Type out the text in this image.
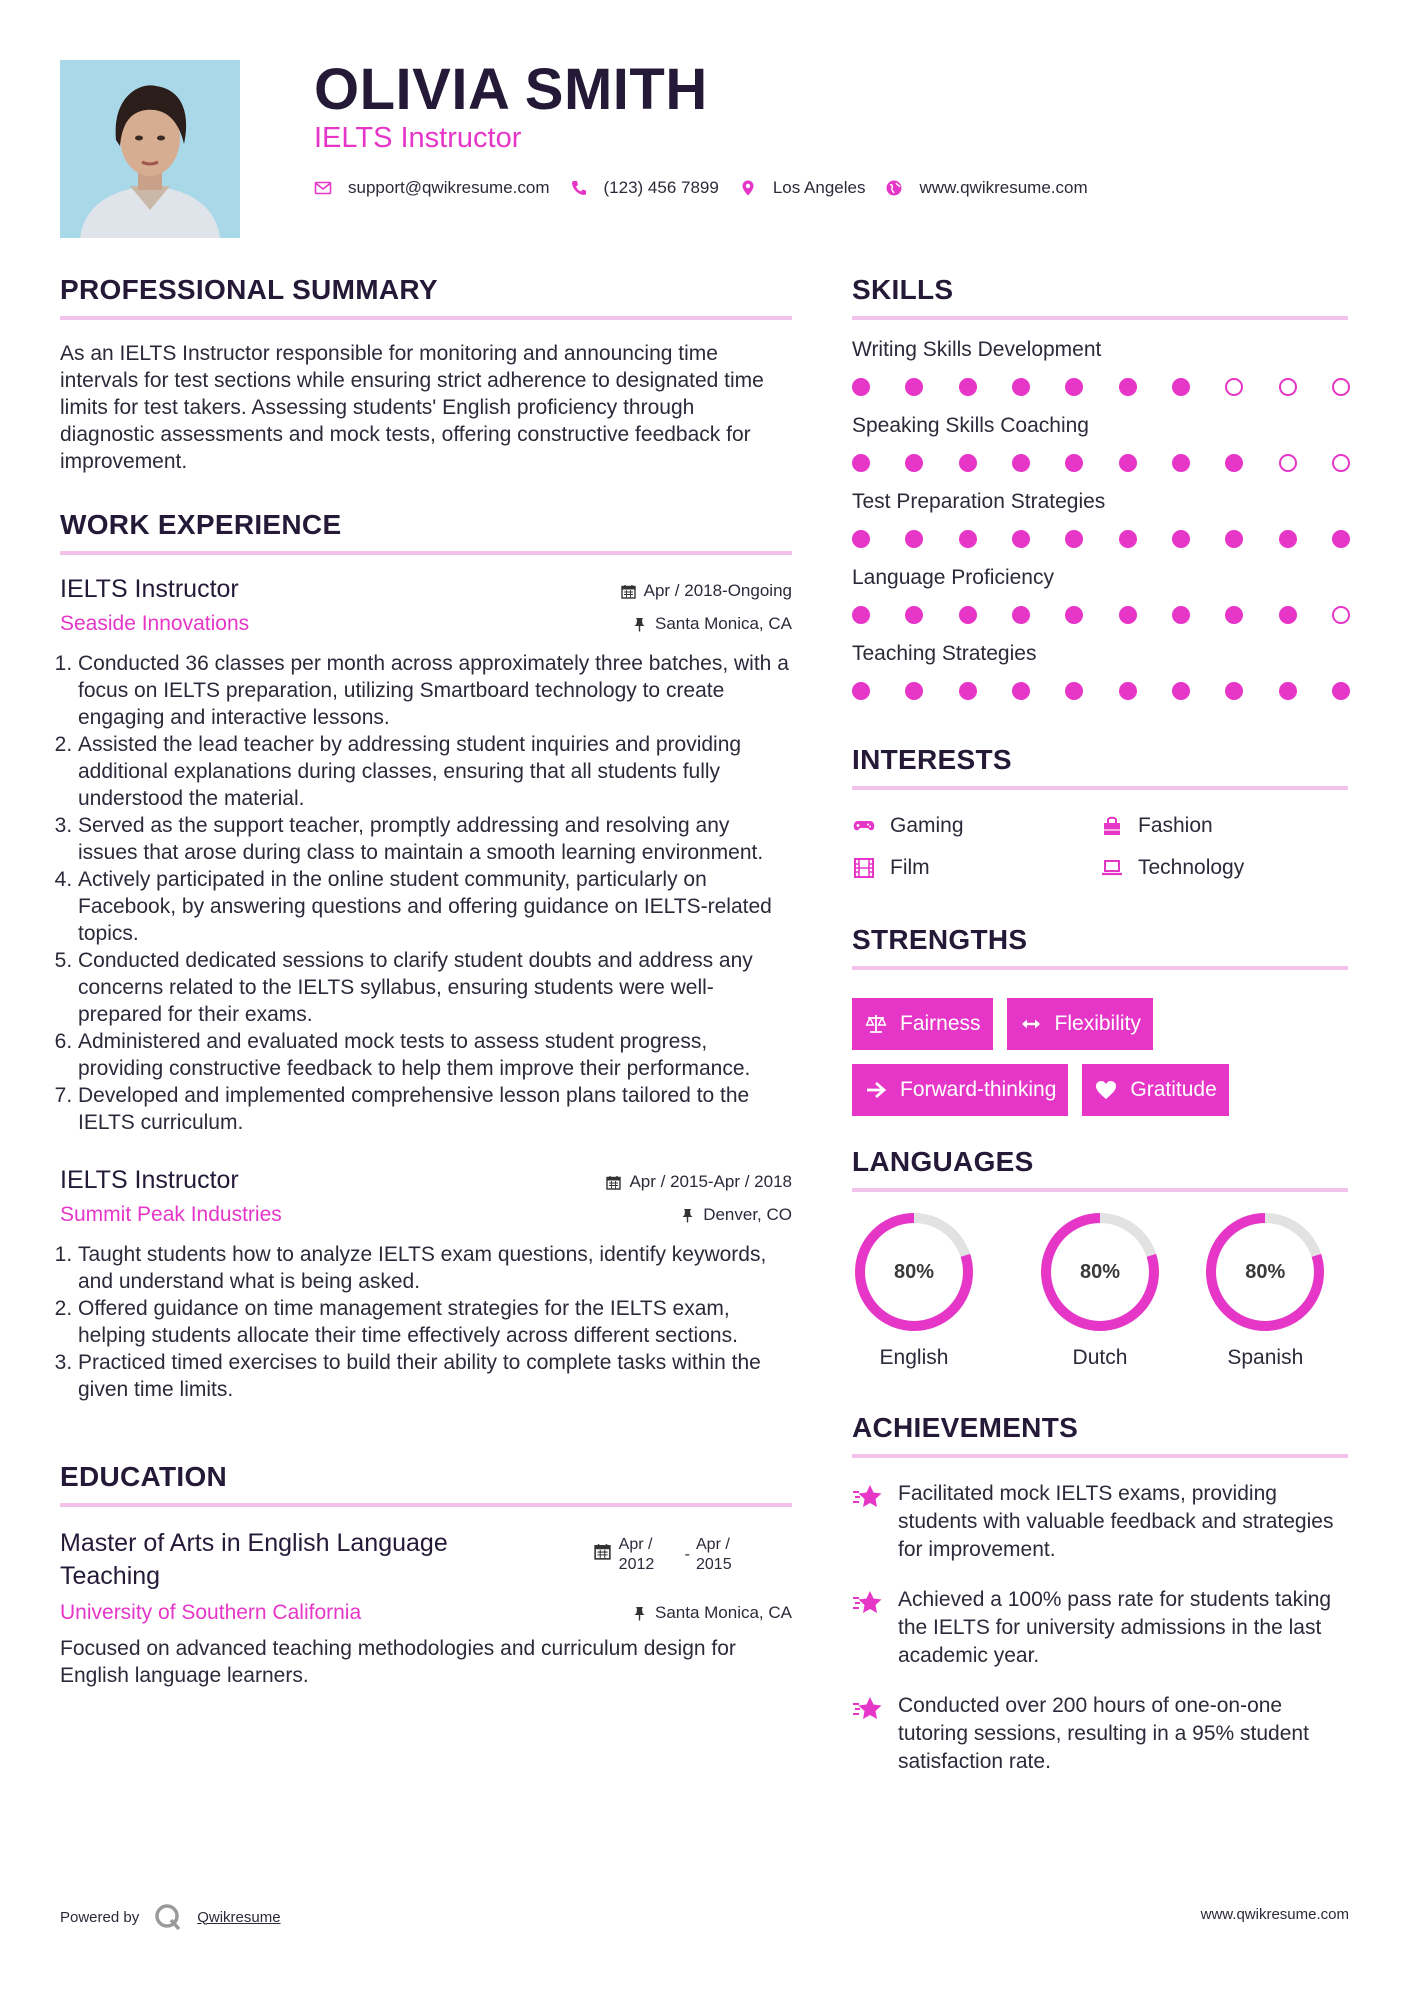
OLIVIA SMITH
IELTS Instructor
support@qwikresume.com	(123) 456 7899	Los Angeles	www.qwikresume.com
PROFESSIONAL SUMMARY

As an IELTS Instructor responsible for monitoring and announcing time intervals for test sections while ensuring strict adherence to designated time limits for test takers. Assessing students' English proficiency through diagnostic assessments and mock tests, offering constructive feedback for improvement.

WORK EXPERIENCE
IELTS Instructor	Apr / 2018-Ongoing
Seaside Innovations	Santa Monica, CA
1. Conducted 36 classes per month across approximately three batches, with a focus on IELTS preparation, utilizing Smartboard technology to create engaging and interactive lessons.
2. Assisted the lead teacher by addressing student inquiries and providing additional explanations during classes, ensuring that all students fully understood the material.
3. Served as the support teacher, promptly addressing and resolving any issues that arose during class to maintain a smooth learning environment.
4. Actively participated in the online student community, particularly on Facebook, by answering questions and offering guidance on IELTS-related topics.
5. Conducted dedicated sessions to clarify student doubts and address any concerns related to the IELTS syllabus, ensuring students were well-prepared for their exams.
6. Administered and evaluated mock tests to assess student progress, providing constructive feedback to help them improve their performance.
7. Developed and implemented comprehensive lesson plans tailored to the IELTS curriculum.
IELTS Instructor	Apr / 2015-Apr / 2018
Summit Peak Industries	Denver, CO
1. Taught students how to analyze IELTS exam questions, identify keywords, and understand what is being asked.
2. Offered guidance on time management strategies for the IELTS exam, helping students allocate their time effectively across different sections.
3. Practiced timed exercises to build their ability to complete tasks within the given time limits.
EDUCATION
Master of Arts in English Language Teaching
Apr / 2012
-
Apr / 2015
University of Southern California	Santa Monica, CA

Focused on advanced teaching methodologies and curriculum design for English language learners.

SKILLS
Writing Skills Development
Speaking Skills Coaching
Test Preparation Strategies
Language Proficiency
Teaching Strategies
INTERESTS
Gaming	Fashion
Film	Technology
STRENGTHS
Fairness	Flexibility
Forward-thinking	Gratitude
LANGUAGES
80%
English
80%
Dutch
80%
Spanish
ACHIEVEMENTS
Facilitated mock IELTS exams, providing students with valuable feedback and strategies for improvement.
Achieved a 100% pass rate for students taking the IELTS for university admissions in the last academic year.
Conducted over 200 hours of one-on-one tutoring sessions, resulting in a 95% student satisfaction rate.
Powered by	Qwikresume	www.qwikresume.com
